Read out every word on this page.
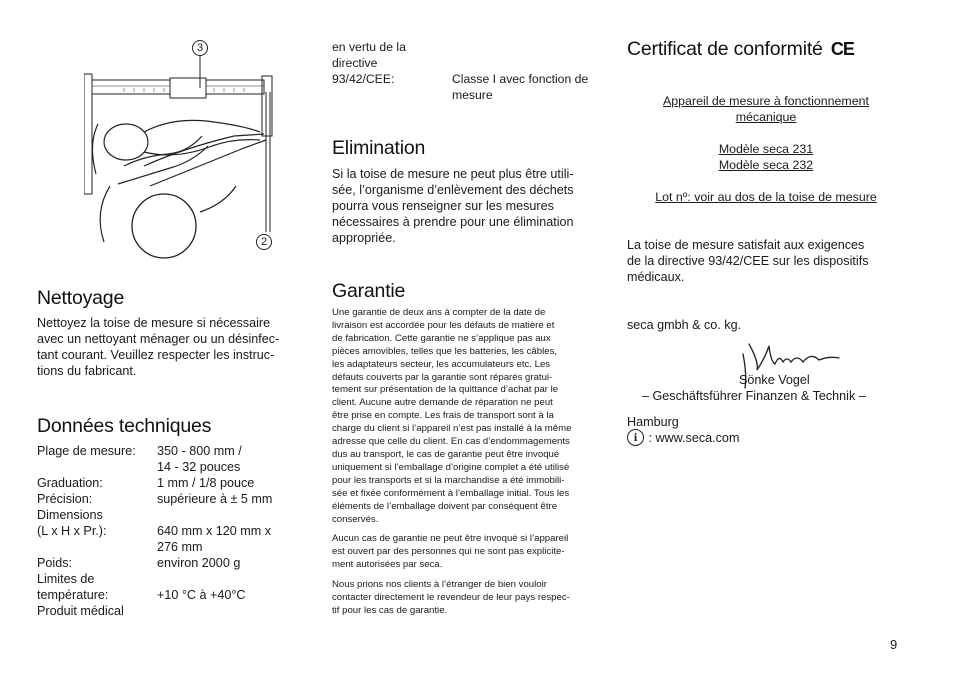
3
2
Nettoyage
Nettoyez la toise de mesure si nécessaire
avec un nettoyant ménager ou un désinfec-
tant courant. Veuillez respecter les instruc-
tions du fabricant.
Données techniques
Plage de mesure: 350 - 800 mm /
14 - 32 pouces
Graduation:	1 mm / 1/8 pouce
Précision:	supérieure à ± 5 mm
Dimensions
(L x H x Pr.):	640 mm x 120 mm x
276 mm
Poids:	environ 2000 g
Limites de
température:	+10 °C à +40°C
Produit médical
en vertu de la
directive
93/42/CEE:	Classe I avec fonction de
mesure
Elimination
Si la toise de mesure ne peut plus être utili-
sée, l’organisme d’enlèvement des déchets
pourra vous renseigner sur les mesures
nécessaires à prendre pour une élimination
appropriée.
Garantie

Une garantie de deux ans à compter de la date de
livraison est accordée pour les défauts de matière et
de fabrication. Cette garantie ne s’applique pas aux
pièces amovibles, telles que les batteries, les câbles,
les adaptateurs secteur, les accumulateurs etc. Les
défauts couverts par la garantie sont réparés gratui-
tement sur présentation de la quittance d’achat par le
client. Aucune autre demande de réparation ne peut
être prise en compte. Les frais de transport sont à la
charge du client si l’appareil n’est pas installé à la même
adresse que celle du client. En cas d’endommagements
dus au transport, le cas de garantie peut être invoqué
uniquement si l’emballage d’origine complet a été utilisé
pour les transports et si la marchandise a été immobili-
sée et fixée conformément à l’emballage initial. Tous les
éléments de l’emballage doivent par conséquent être
conservés.

Aucun cas de garantie ne peut être invoqué si l’appareil
est ouvert par des personnes qui ne sont pas explicite-
ment autorisées par seca.

Nous prions nos clients à l’étranger de bien vouloir
contacter directement le revendeur de leur pays respec-
tif pour les cas de garantie.

Certificat de conformité CE
Appareil de mesure à fonctionnement
mécanique
Modèle seca 231
Modèle seca 232
Lot nº: voir au dos de la toise de mesure
La toise de mesure satisfait aux exigences
de la directive 93/42/CEE sur les dispositifs
médicaux.
seca gmbh & co. kg.
Sönke Vogel
– Geschäftsführer Finanzen & Technik –
Hamburg
i : www.seca.com
9
